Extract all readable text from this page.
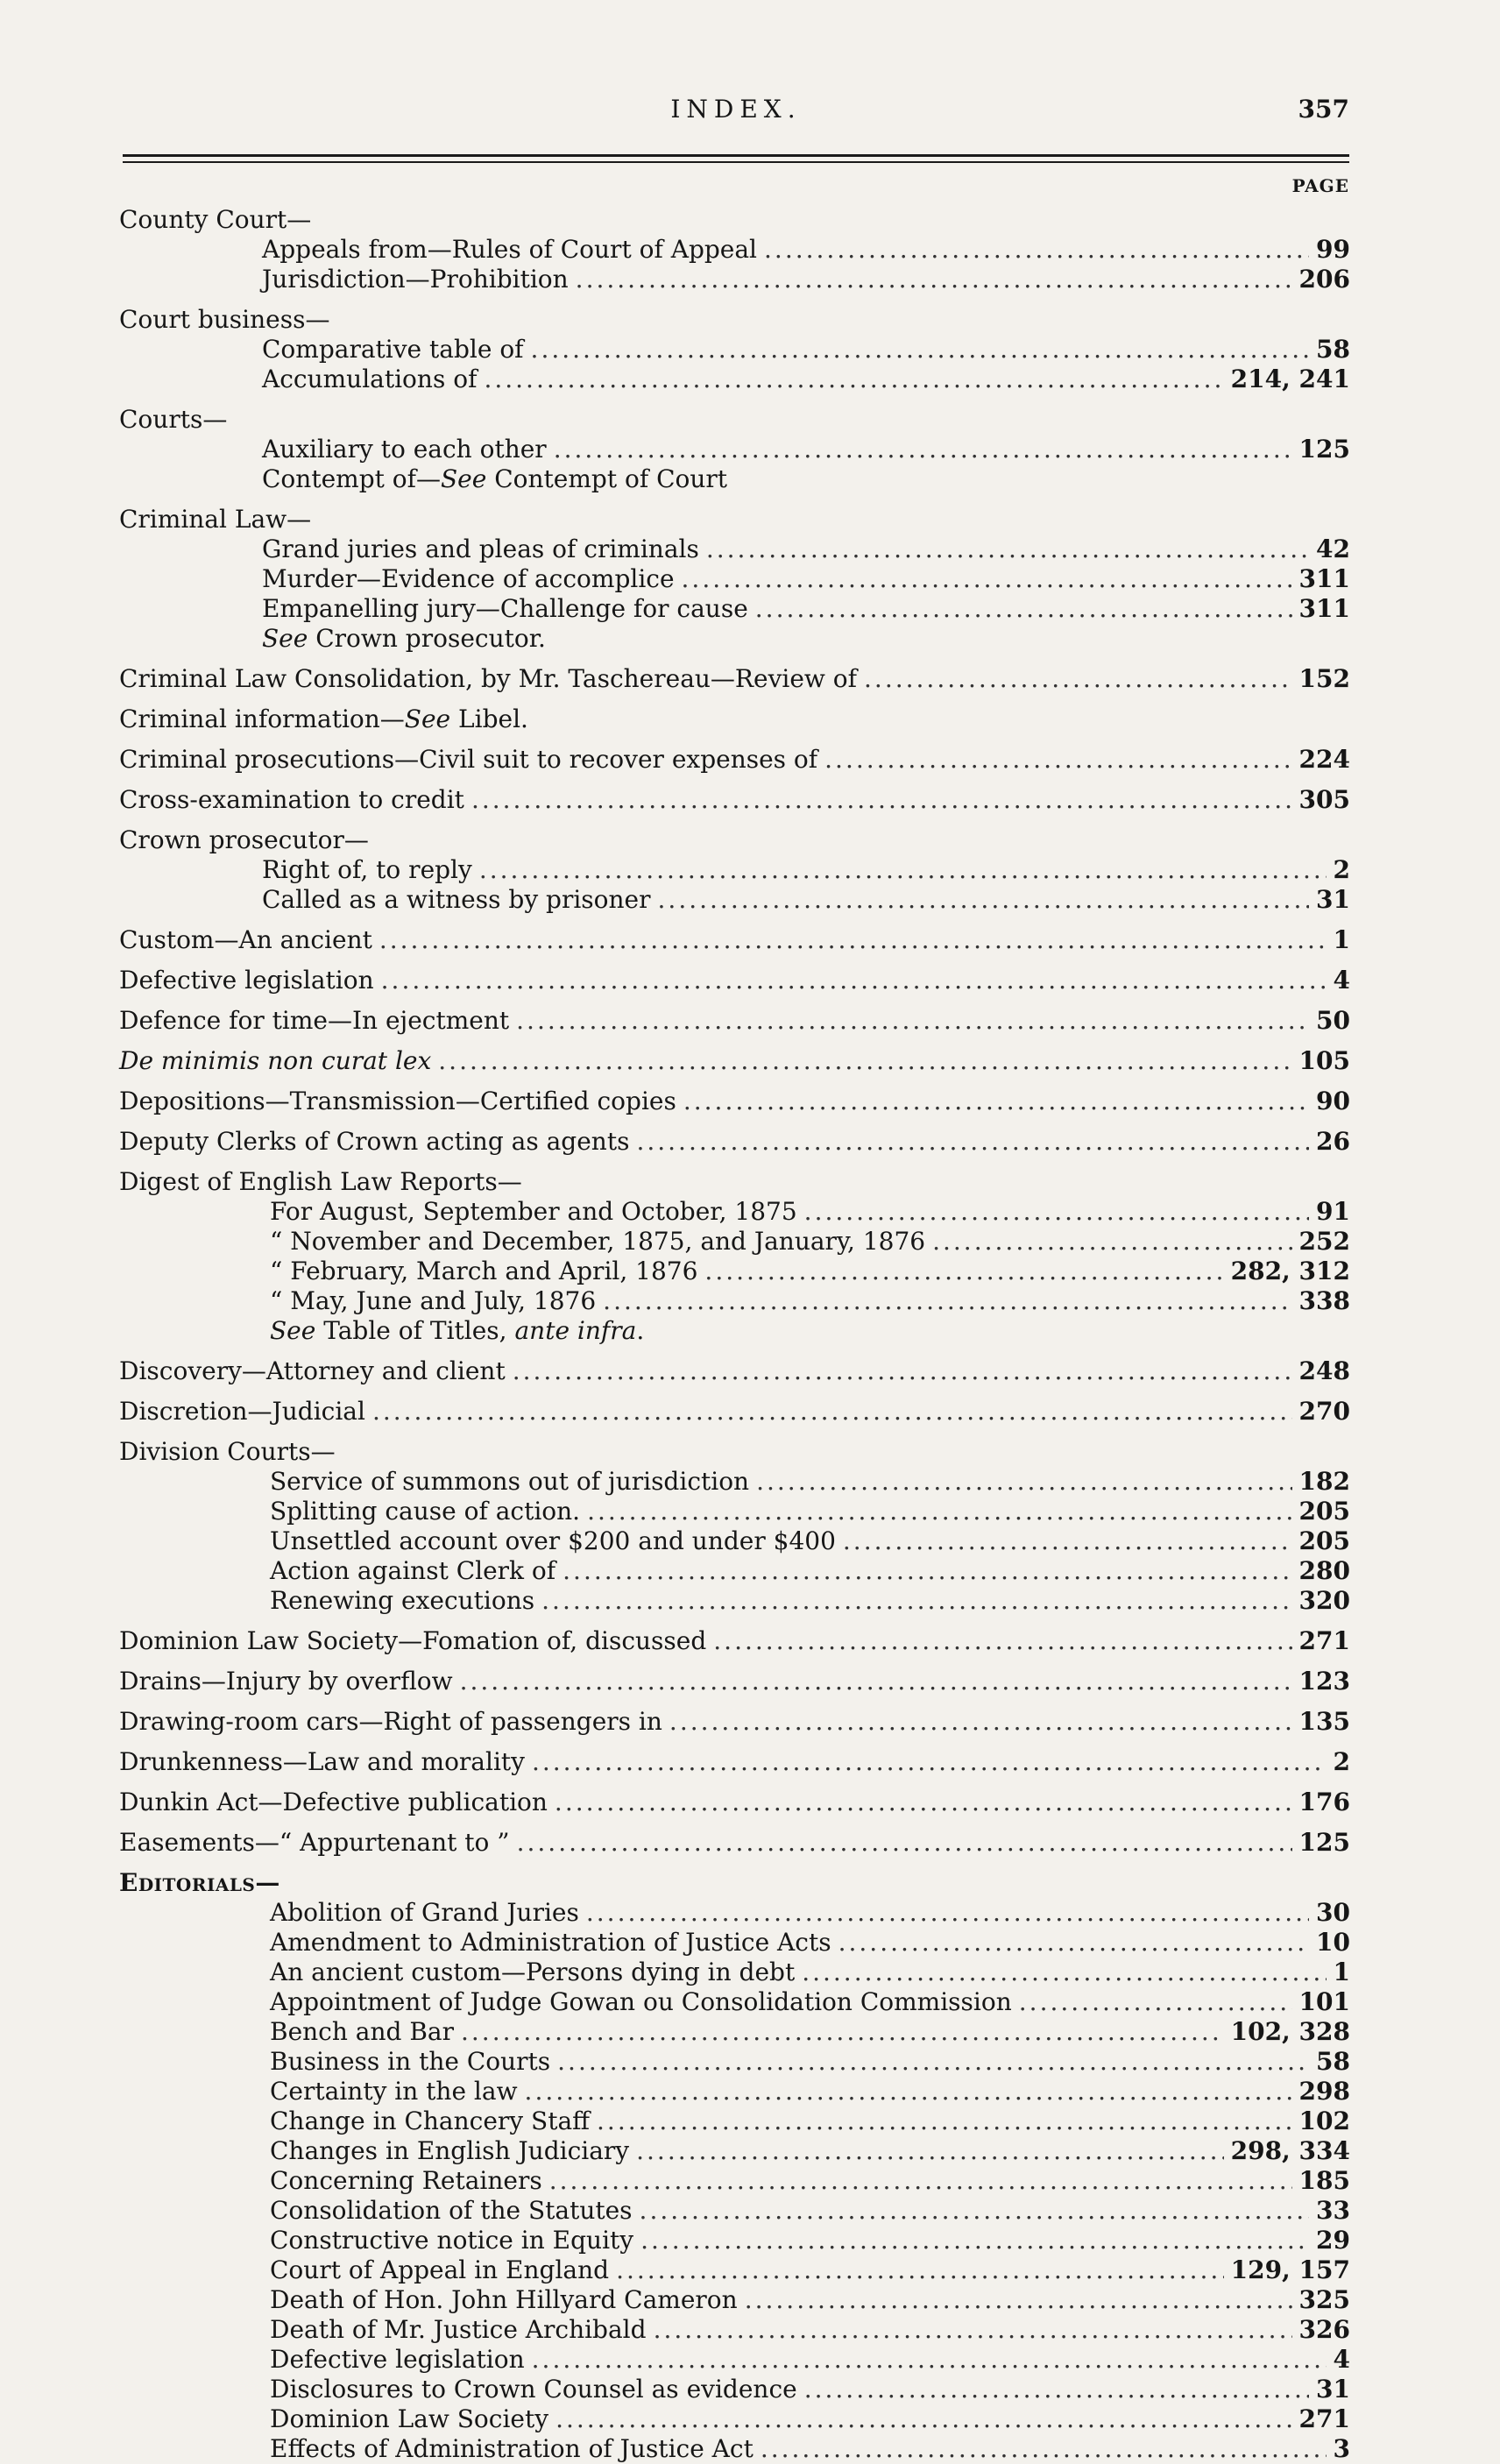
INDEX.	357
PAGE
County Court—
Appeals from—Rules of Court of Appeal .....	99
Jurisdiction—Prohibition .....	206
Court business—
Comparative table of .....	58
Accumulations of .....	214, 241
Courts—
Auxiliary to each other .....	125
Contempt of—See Contempt of Court
Criminal Law—
Grand juries and pleas of criminals .....	42
Murder—Evidence of accomplice .....	311
Empanelling jury—Challenge for cause .....	311
See Crown prosecutor.
Criminal Law Consolidation, by Mr. Taschereau—Review of .....	152
Criminal information—See Libel.
Criminal prosecutions—Civil suit to recover expenses of .....	224
Cross-examination to credit .....	305
Crown prosecutor—
Right of, to reply .....	2
Called as a witness by prisoner .....	31
Custom—An ancient .....	1
Defective legislation .....	4
Defence for time—In ejectment .....	50
De minimis non curat lex .....	105
Depositions—Transmission—Certified copies .....	90
Deputy Clerks of Crown acting as agents .....	26
Digest of English Law Reports—
For August, September and October, 1875 .....	91
“ November and December, 1875, and January, 1876 .....	252
“ February, March and April, 1876 .....	282, 312
“ May, June and July, 1876 .....	338
See Table of Titles, ante infra.
Discovery—Attorney and client .....	248
Discretion—Judicial .....	270
Division Courts—
Service of summons out of jurisdiction .....	182
Splitting cause of action. .....	205
Unsettled account over $200 and under $400 .....	205
Action against Clerk of .....	280
Renewing executions .....	320
Dominion Law Society—Fomation of, discussed .....	271
Drains—Injury by overflow .....	123
Drawing-room cars—Right of passengers in .....	135
Drunkenness—Law and morality .....	2
Dunkin Act—Defective publication .....	176
Easements—“ Appurtenant to ” .....	125
Editorials—
Abolition of Grand Juries .....	30
Amendment to Administration of Justice Acts .....	10
An ancient custom—Persons dying in debt .....	1
Appointment of Judge Gowan ou Consolidation Commission .....	101
Bench and Bar .....	102, 328
Business in the Courts .....	58
Certainty in the law .....	298
Change in Chancery Staff .....	102
Changes in English Judiciary .....	298, 334
Concerning Retainers .....	185
Consolidation of the Statutes .....	33
Constructive notice in Equity .....	29
Court of Appeal in England .....	129, 157
Death of Hon. John Hillyard Cameron .....	325
Death of Mr. Justice Archibald .....	326
Defective legislation .....	4
Disclosures to Crown Counsel as evidence .....	31
Dominion Law Society .....	271
Effects of Administration of Justice Act .....	3
